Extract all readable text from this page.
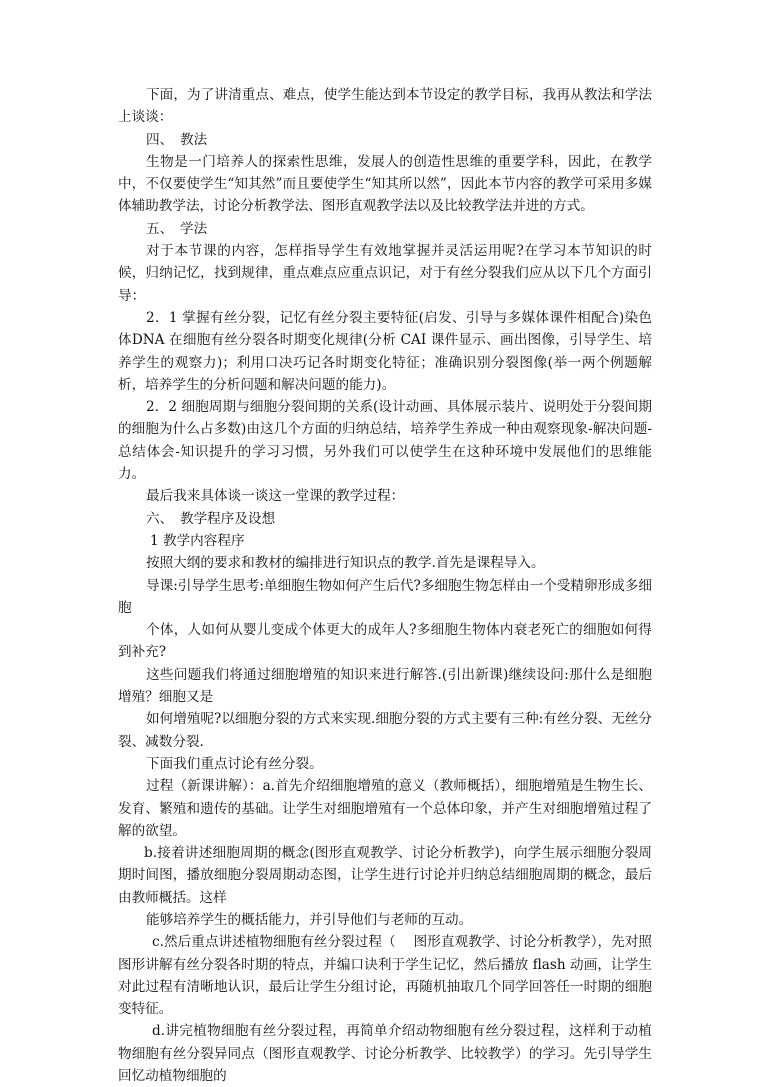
下面，为了讲清重点、难点，使学生能达到本节设定的教学目标，我再从教法和学法上谈谈：

四、　教法

生物是一门培养人的探索性思维，发展人的创造性思维的重要学科，因此，在教学中，不仅要使学生“知其然”而且要使学生“知其所以然”，因此本节内容的教学可采用多媒体辅助教学法，讨论分析教学法、图形直观教学法以及比较教学法并进的方式。

五、　学法

对于本节课的内容，怎样指导学生有效地掌握并灵活运用呢?在学习本节知识的时候，归纳记忆，找到规律，重点难点应重点识记，对于有丝分裂我们应从以下几个方面引导：

2．1 掌握有丝分裂，记忆有丝分裂主要特征(启发、引导与多媒体课件相配合)染色体DNA 在细胞有丝分裂各时期变化规律(分析 CAI 课件显示、画出图像，引导学生、培养学生的观察力)；利用口决巧记各时期变化特征；准确识别分裂图像(举一两个例题解析，培养学生的分析问题和解决问题的能力)。

2．2 细胞周期与细胞分裂间期的关系(设计动画、具体展示装片、说明处于分裂间期的细胞为什么占多数)由这几个方面的归纳总结，培养学生养成一种由观察现象-解决问题-总结体会-知识提升的学习习惯，另外我们可以使学生在这种环境中发展他们的思维能力。

最后我来具体谈一谈这一堂课的教学过程：

六、　教学程序及设想

1 教学内容程序

按照大纲的要求和教材的编排进行知识点的教学.首先是课程导入。

导课:引导学生思考:单细胞生物如何产生后代?多细胞生物怎样由一个受精卵形成多细胞

个体，人如何从婴儿变成个体更大的成年人?多细胞生物体内衰老死亡的细胞如何得到补充?

这些问题我们将通过细胞增殖的知识来进行解答.(引出新课)继续设问:那什么是细胞增殖？细胞又是

如何增殖呢?以细胞分裂的方式来实现.细胞分裂的方式主要有三种:有丝分裂、无丝分裂、减数分裂.

下面我们重点讨论有丝分裂。

过程（新课讲解）：a.首先介绍细胞增殖的意义（教师概括），细胞增殖是生物生长、发育、繁殖和遗传的基础。让学生对细胞增殖有一个总体印象，并产生对细胞增殖过程了解的欲望。

b.接着讲述细胞周期的概念(图形直观教学、讨论分析教学)，向学生展示细胞分裂周期时间图，播放细胞分裂周期动态图，让学生进行讨论并归纳总结细胞周期的概念，最后由教师概括。这样

能够培养学生的概括能力，并引导他们与老师的互动。

c.然后重点讲述植物细胞有丝分裂过程（　 图形直观教学、讨论分析教学），先对照图形讲解有丝分裂各时期的特点，并编口诀利于学生记忆，然后播放 flash 动画，让学生对此过程有清晰地认识，最后让学生分组讨论，再随机抽取几个同学回答任一时期的细胞变特征。

d.讲完植物细胞有丝分裂过程，再简单介绍动物细胞有丝分裂过程，这样利于动植物细胞有丝分裂异同点（图形直观教学、讨论分析教学、比较教学）的学习。先引导学生回忆动植物细胞的
